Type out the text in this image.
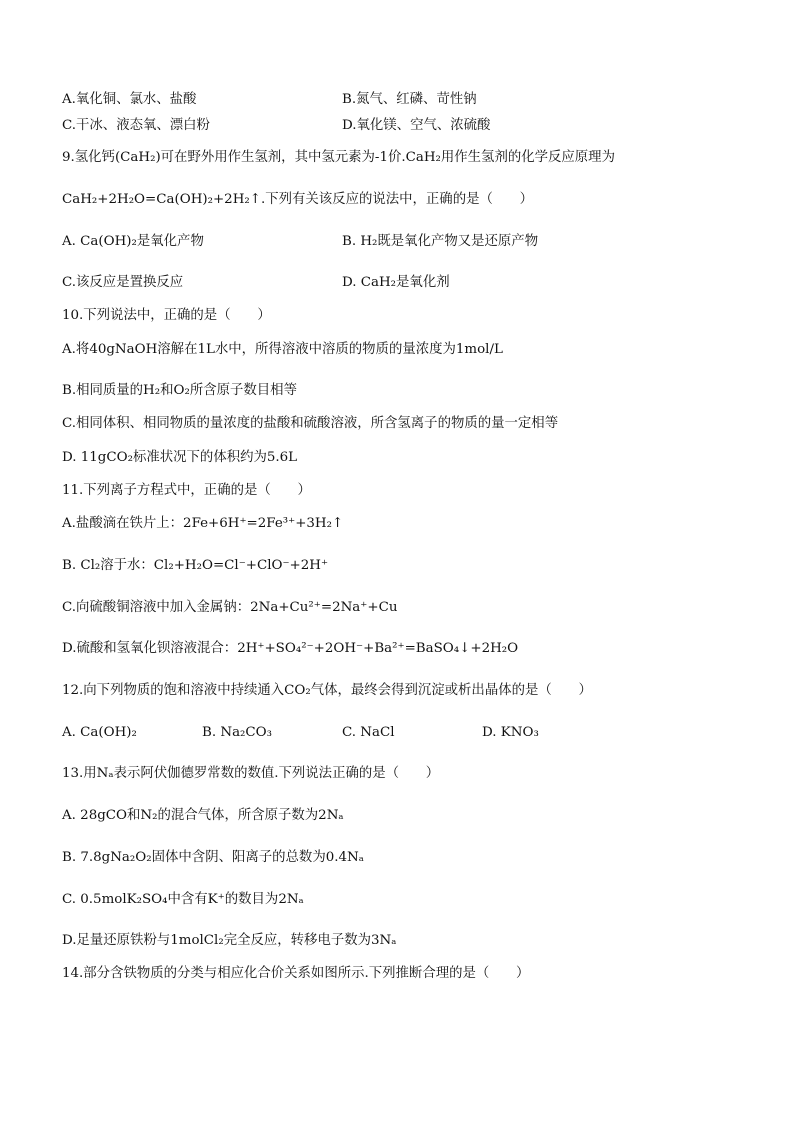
A.氧化铜、氯水、盐酸	B.氮气、红磷、苛性钠
C.干冰、液态氧、漂白粉	D.氧化镁、空气、浓硫酸
9.氢化钙(CaH₂)可在野外用作生氢剂，其中氢元素为-1价.CaH₂用作生氢剂的化学反应原理为
CaH₂+2H₂O=Ca(OH)₂+2H₂↑.下列有关该反应的说法中，正确的是（　　）
A. Ca(OH)₂是氧化产物	B. H₂既是氧化产物又是还原产物
C.该反应是置换反应	D. CaH₂是氧化剂
10.下列说法中，正确的是（　　）
A.将40gNaOH溶解在1L水中，所得溶液中溶质的物质的量浓度为1mol/L
B.相同质量的H₂和O₂所含原子数目相等
C.相同体积、相同物质的量浓度的盐酸和硫酸溶液，所含氢离子的物质的量一定相等
D. 11gCO₂标准状况下的体积约为5.6L
11.下列离子方程式中，正确的是（　　）
A.盐酸滴在铁片上：2Fe+6H⁺=2Fe³⁺+3H₂↑
B. Cl₂溶于水：Cl₂+H₂O=Cl⁻+ClO⁻+2H⁺
C.向硫酸铜溶液中加入金属钠：2Na+Cu²⁺=2Na⁺+Cu
D.硫酸和氢氧化钡溶液混合：2H⁺+SO₄²⁻+2OH⁻+Ba²⁺=BaSO₄↓+2H₂O
12.向下列物质的饱和溶液中持续通入CO₂气体，最终会得到沉淀或析出晶体的是（　　）
A. Ca(OH)₂	B. Na₂CO₃	C. NaCl	D. KNO₃
13.用Nₐ表示阿伏伽德罗常数的数值.下列说法正确的是（　　）
A. 28gCO和N₂的混合气体，所含原子数为2Nₐ
B. 7.8gNa₂O₂固体中含阴、阳离子的总数为0.4Nₐ
C. 0.5molK₂SO₄中含有K⁺的数目为2Nₐ
D.足量还原铁粉与1molCl₂完全反应，转移电子数为3Nₐ
14.部分含铁物质的分类与相应化合价关系如图所示.下列推断合理的是（　　）
